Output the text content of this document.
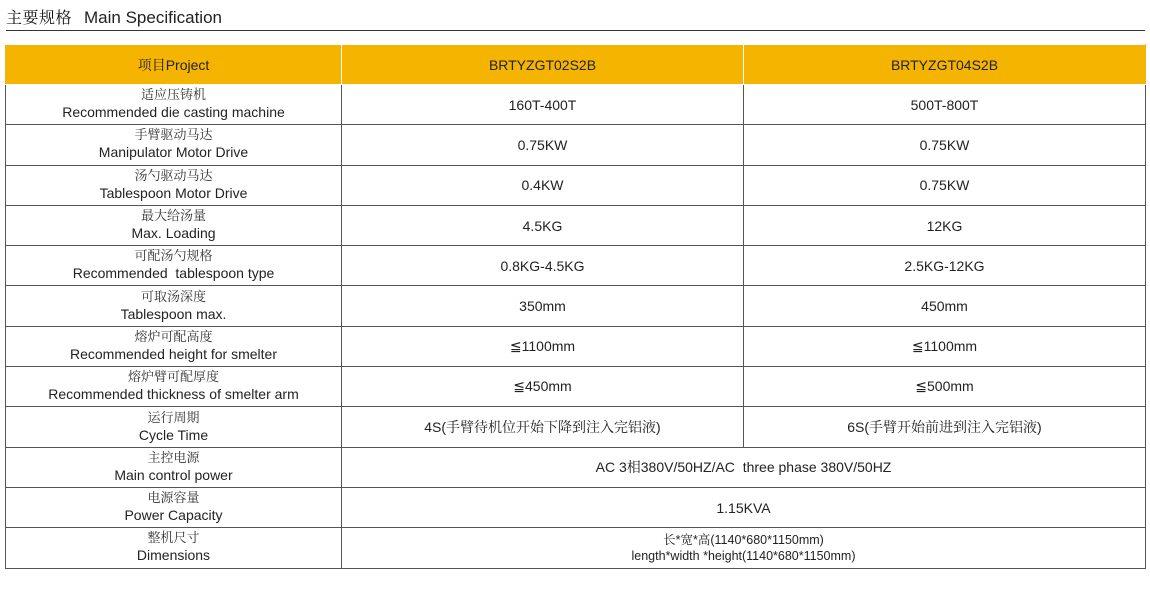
主要规格 Main Specification
项目Project	BRTYZGT02S2B	BRTYZGT04S2B

适应压铸机
Recommended die casting machine	160T-400T	500T-800T

手臂驱动马达
Manipulator Motor Drive	0.75KW	0.75KW

汤勺驱动马达
Tablespoon Motor Drive	0.4KW	0.75KW

最大给汤量
Max. Loading	4.5KG	12KG

可配汤勺规格
Recommended  tablespoon type	0.8KG-4.5KG	2.5KG-12KG

可取汤深度
Tablespoon max.	350mm	450mm

熔炉可配高度
Recommended height for smelter	≦1100mm	≦1100mm

熔炉臂可配厚度
Recommended thickness of smelter arm	≦450mm	≦500mm

运行周期
Cycle Time	4S(手臂待机位开始下降到注入完铝液)	6S(手臂开始前进到注入完铝液)

主控电源
Main control power	AC 3相380V/50HZ/AC  three phase 380V/50HZ	

电源容量
Power Capacity	1.15KVA	

整机尺寸
Dimensions	长*宽*高(1140*680*1150mm)
length*width *height(1140*680*1150mm)	
